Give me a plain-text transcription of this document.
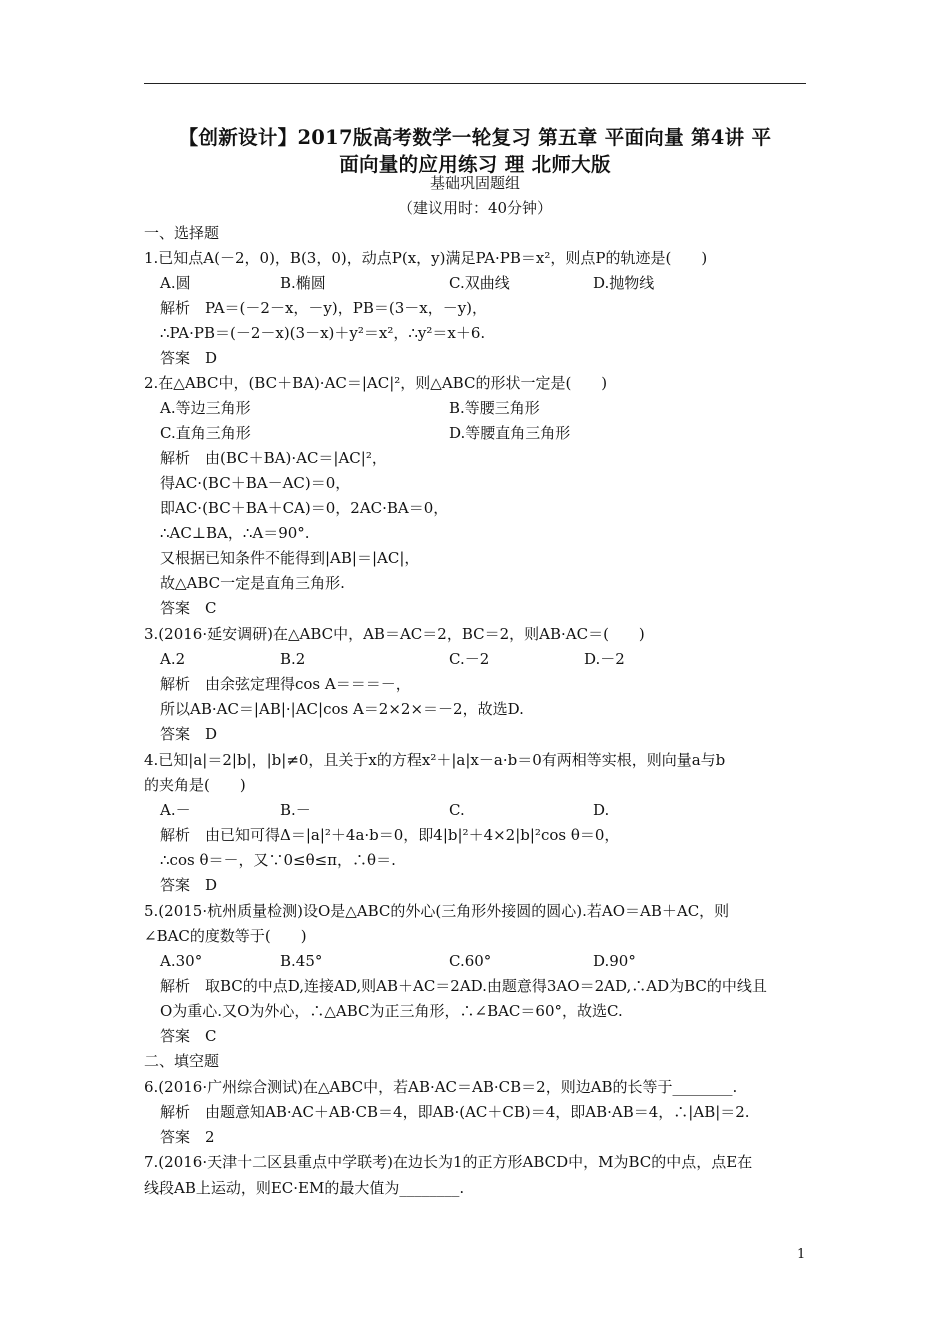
【创新设计】2017版高考数学一轮复习 第五章 平面向量 第4讲 平
面向量的应用练习 理 北师大版
基础巩固题组
（建议用时：40分钟）
一、选择题
1.已知点A(－2，0)，B(3，0)，动点P(x，y)满足PA·PB＝x²，则点P的轨迹是(　　)
A.圆	B.椭圆	C.双曲线	D.抛物线
解析　PA＝(－2－x，－y)，PB＝(3－x，－y)，
∴PA·PB＝(－2－x)(3－x)＋y²＝x²，∴y²＝x＋6.
答案　D
2.在△ABC中，(BC＋BA)·AC＝|AC|²，则△ABC的形状一定是(　　)
A.等边三角形	B.等腰三角形
C.直角三角形	D.等腰直角三角形
解析　由(BC＋BA)·AC＝|AC|²，
得AC·(BC＋BA－AC)＝0，
即AC·(BC＋BA＋CA)＝0，2AC·BA＝0，
∴AC⊥BA，∴A＝90°.
又根据已知条件不能得到|AB|＝|AC|，
故△ABC一定是直角三角形.
答案　C
3.(2016·延安调研)在△ABC中，AB＝AC＝2，BC＝2，则AB·AC＝(　　)
A.2	B.2	C.－2	D.－2
解析　由余弦定理得cos A＝＝＝－，
所以AB·AC＝|AB|·|AC|cos A＝2×2×＝－2，故选D.
答案　D
4.已知|a|＝2|b|，|b|≠0，且关于x的方程x²＋|a|x－a·b＝0有两相等实根，则向量a与b
的夹角是(　　)
A.－	B.－	C.	D.
解析　由已知可得Δ＝|a|²＋4a·b＝0，即4|b|²＋4×2|b|²cos θ＝0，
∴cos θ＝－，又∵0≤θ≤π，∴θ＝.
答案　D
5.(2015·杭州质量检测)设O是△ABC的外心(三角形外接圆的圆心).若AO＝AB＋AC，则
∠BAC的度数等于(　　)
A.30°	B.45°	C.60°	D.90°
解析　取BC的中点D,连接AD,则AB＋AC＝2AD.由题意得3AO＝2AD,∴AD为BC的中线且
O为重心.又O为外心，∴△ABC为正三角形，∴∠BAC＝60°，故选C.
答案　C
二、填空题
6.(2016·广州综合测试)在△ABC中，若AB·AC＝AB·CB＝2，则边AB的长等于________.
解析　由题意知AB·AC＋AB·CB＝4，即AB·(AC＋CB)＝4，即AB·AB＝4，∴|AB|＝2.
答案　2
7.(2016·天津十二区县重点中学联考)在边长为1的正方形ABCD中，M为BC的中点，点E在
线段AB上运动，则EC·EM的最大值为________.
1
